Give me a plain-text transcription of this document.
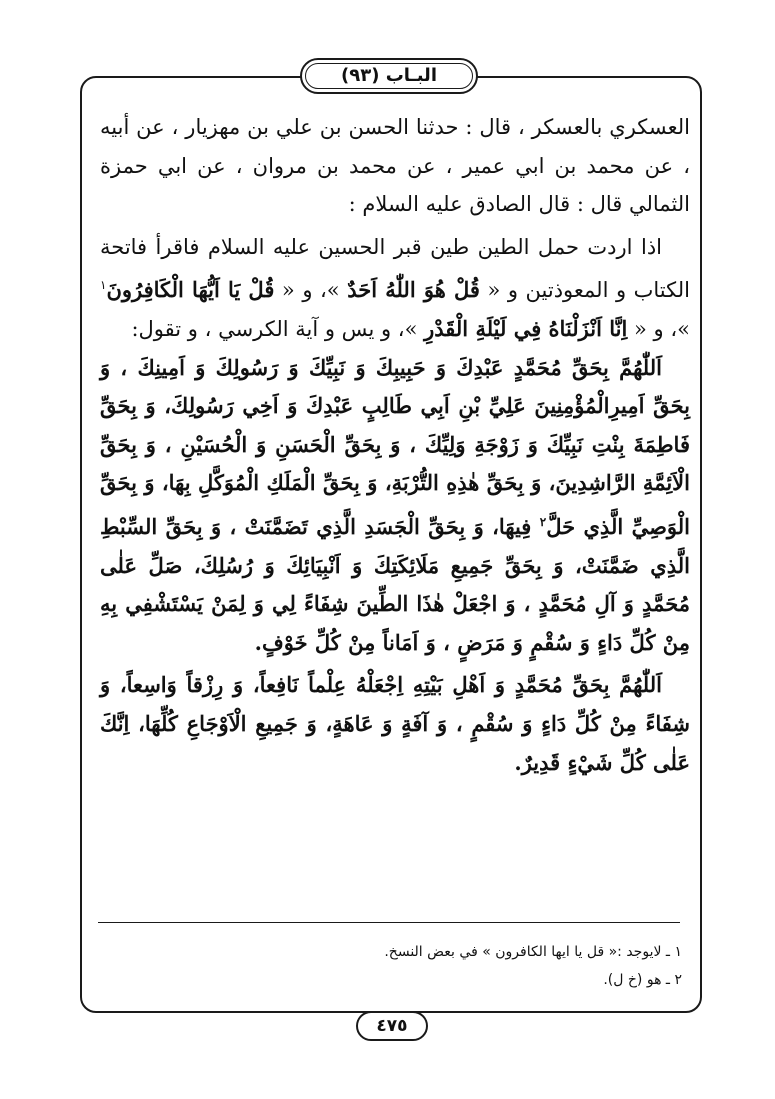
البـاب (٩٣)

العسكري بالعسكر ، قال : حدثنا الحسن بن علي بن مهزيار ، عن أبيه ، عن محمد بن ابي عمير ، عن محمد بن مروان ، عن ابي حمزة الثمالي قال : قال الصادق عليه السلام :

اذا اردت حمل الطين طين قبر الحسين عليه السلام فاقرأ فاتحة الكتاب و المعوذتين و « قُلْ هُوَ اللّٰهُ اَحَدٌ »، و « قُلْ يَا اَيُّهَا الْكَافِرُونَ$^١$ »، و « اِنَّا اَنْزَلْنَاهُ فِي لَيْلَةِ الْقَدْرِ »، و يس و آية الكرسي ، و تقول:

اَللّٰهُمَّ بِحَقِّ مُحَمَّدٍ عَبْدِكَ وَ حَبِيبِكَ وَ نَبِيِّكَ وَ رَسُولِكَ وَ اَمِينِكَ ، وَ بِحَقِّ اَمِيرِالْمُؤْمِنِينَ عَلِيِّ بْنِ اَبِي طَالِبٍ عَبْدِكَ وَ اَخِي رَسُولِكَ، وَ بِحَقِّ فَاطِمَةَ بِنْتِ نَبِيِّكَ وَ زَوْجَةِ وَلِيِّكَ ، وَ بِحَقِّ الْحَسَنِ وَ الْحُسَيْنِ ، وَ بِحَقِّ الْاَئِمَّةِ الرَّاشِدِينَ، وَ بِحَقِّ هٰذِهِ التُّرْبَةِ، وَ بِحَقِّ الْمَلَكِ الْمُوَكَّلِ بِهَا، وَ بِحَقِّ الْوَصِيِّ الَّذِي حَلَّ$^٢$ فِيهَا، وَ بِحَقِّ الْجَسَدِ الَّذِي تَضَمَّنَتْ ، وَ بِحَقِّ السِّبْطِ الَّذِي ضَمَّنَتْ، وَ بِحَقِّ جَمِيعِ مَلَائِكَتِكَ وَ اَنْبِيَائِكَ وَ رُسُلِكَ، صَلِّ عَلٰى مُحَمَّدٍ وَ آلِ مُحَمَّدٍ ، وَ اجْعَلْ هٰذَا الطِّينَ شِفَاءً لِي وَ لِمَنْ يَسْتَشْفِي بِهِ مِنْ كُلِّ دَاءٍ وَ سُقْمٍ وَ مَرَضٍ ، وَ اَمَاناً مِنْ كُلِّ خَوْفٍ.

اَللّٰهُمَّ بِحَقِّ مُحَمَّدٍ وَ اَهْلِ بَيْتِهِ اِجْعَلْهُ عِلْماً نَافِعاً، وَ رِزْقاً وَاسِعاً، وَ شِفَاءً مِنْ كُلِّ دَاءٍ وَ سُقْمٍ ، وَ آفَةٍ وَ عَاهَةٍ، وَ جَمِيعِ الْاَوْجَاعِ كُلِّهَا، اِنَّكَ عَلٰى كُلِّ شَيْءٍ قَدِيرٌ.

١ ـ لايوجد :« قل يا ايها الكافرون » في بعض النسخ.

٢ ـ هو (خ ل).

٤٧٥
